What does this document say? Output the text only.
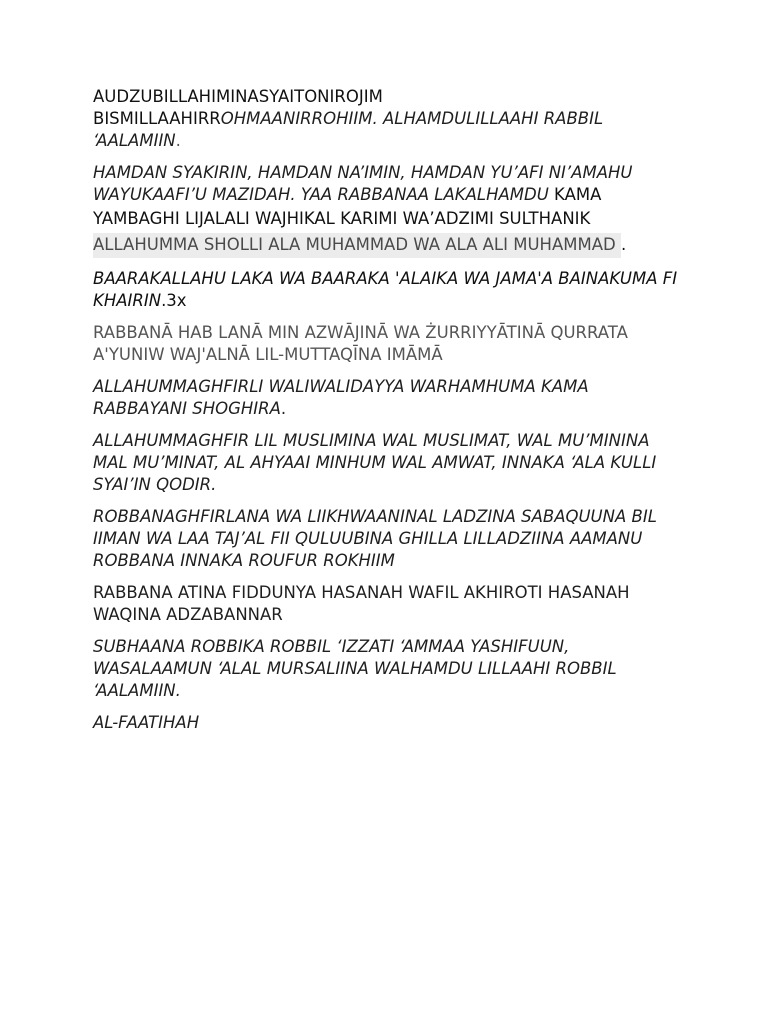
AUDZUBILLAHIMINASYAITONIROJIM
BISMILLAAHIRROHMAANIRROHIIM. ALHAMDULILLAAHI RABBIL ‘AALAMIIN.

HAMDAN SYAKIRIN, HAMDAN NA’IMIN, HAMDAN YU’AFI NI’AMAHU WAYUKAAFI’U MAZIDAH. YAA RABBANAA LAKALHAMDU KAMA YAMBAGHI LIJALALI WAJHIKAL KARIMI WA’ADZIMI SULTHANIK ALLAHUMMA SHOLLI ALA MUHAMMAD WA ALA ALI MUHAMMAD .

BAARAKALLAHU LAKA WA BAARAKA 'ALAIKA WA JAMA'A BAINAKUMA FI KHAIRIN.3x

RABBANĀ HAB LANĀ MIN AZWĀJINĀ WA ŻURRIYYĀTINĀ QURRATA A'YUNIW WAJ'ALNĀ LIL-MUTTAQĪNA IMĀMĀ

ALLAHUMMAGHFIRLI WALIWALIDAYYA WARHAMHUMA KAMA RABBAYANI SHOGHIRA.

ALLAHUMMAGHFIR LIL MUSLIMINA WAL MUSLIMAT, WAL MU’MININA MAL MU’MINAT, AL AHYAAI MINHUM WAL AMWAT, INNAKA ‘ALA KULLI SYAI’IN QODIR.

ROBBANAGHFIRLANA WA LIIKHWAANINAL LADZINA SABAQUUNA BIL IIMAN WA LAA TAJ’AL FII QULUUBINA GHILLA LILLADZIINA AAMANU ROBBANA INNAKA ROUFUR ROKHIIM

RABBANA ATINA FIDDUNYA HASANAH WAFIL AKHIROTI HASANAH WAQINA ADZABANNAR

SUBHAANA ROBBIKA ROBBIL ‘IZZATI ‘AMMAA YASHIFUUN, WASALAAMUN ‘ALAL MURSALIINA WALHAMDU LILLAAHI ROBBIL ‘AALAMIIN.

AL-FAATIHAH
